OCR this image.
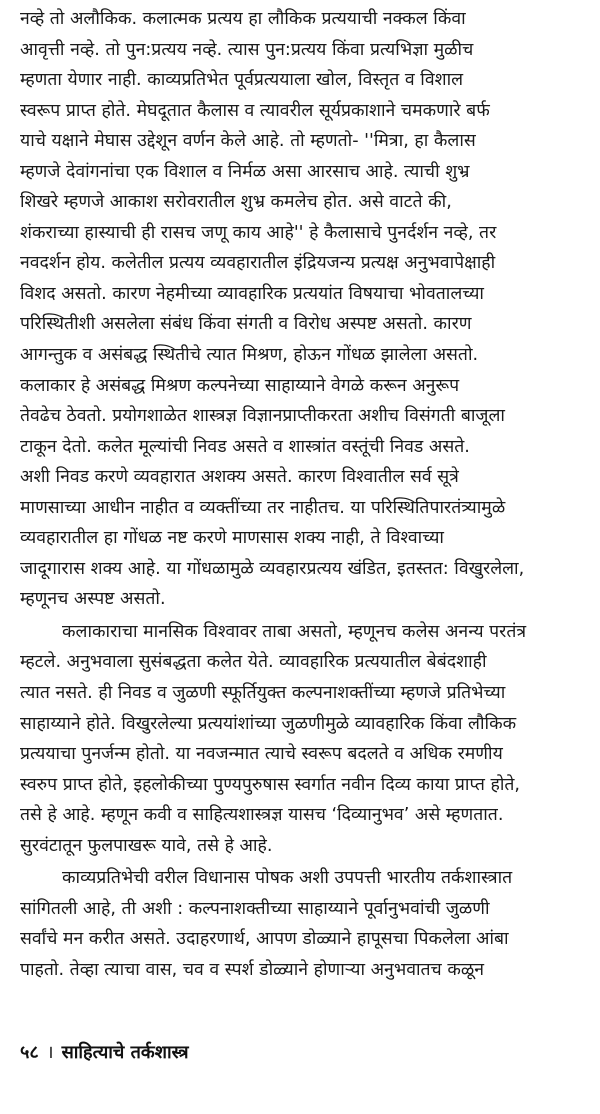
नव्हे तो अलौकिक. कलात्मक प्रत्यय हा लौकिक प्रत्ययाची नक्कल किंवा
आवृत्ती नव्हे. तो पुन:प्रत्यय नव्हे. त्यास पुन:प्रत्यय किंवा प्रत्यभिज्ञा मुळीच
म्हणता येणार नाही. काव्यप्रतिभेत पूर्वप्रत्ययाला खोल, विस्तृत व विशाल
स्वरूप प्राप्त होते. मेघदूतात कैलास व त्यावरील सूर्यप्रकाशाने चमकणारे बर्फ
याचे यक्षाने मेघास उद्देशून वर्णन केले आहे. तो म्हणतो- ''मित्रा, हा कैलास
म्हणजे देवांगनांचा एक विशाल व निर्मळ असा आरसाच आहे. त्याची शुभ्र
शिखरे म्हणजे आकाश सरोवरातील शुभ्र कमलेच होत. असे वाटते की,
शंकराच्या हास्याची ही रासच जणू काय आहे'' हे कैलासाचे पुनर्दर्शन नव्हे, तर
नवदर्शन होय. कलेतील प्रत्यय व्यवहारातील इंद्रियजन्य प्रत्यक्ष अनुभवापेक्षाही
विशद असतो. कारण नेहमीच्या व्यावहारिक प्रत्ययांत विषयाचा भोवतालच्या
परिस्थितीशी असलेला संबंध किंवा संगती व विरोध अस्पष्ट असतो. कारण
आगन्तुक व असंबद्ध स्थितीचे त्यात मिश्रण, होऊन गोंधळ झालेला असतो.
कलाकार हे असंबद्ध मिश्रण कल्पनेच्या साहाय्याने वेगळे करून अनुरूप
तेवढेच ठेवतो. प्रयोगशाळेत शास्त्रज्ञ विज्ञानप्राप्तीकरता अशीच विसंगती बाजूला
टाकून देतो. कलेत मूल्यांची निवड असते व शास्त्रांत वस्तूंची निवड असते.
अशी निवड करणे व्यवहारात अशक्य असते. कारण विश्वातील सर्व सूत्रे
माणसाच्या आधीन नाहीत व व्यक्तींच्या तर नाहीतच. या परिस्थितिपारतंत्र्यामुळे
व्यवहारातील हा गोंधळ नष्ट करणे माणसास शक्य नाही, ते विश्वाच्या
जादूगारास शक्य आहे. या गोंधळामुळे व्यवहारप्रत्यय खंडित, इतस्तत: विखुरलेला,
म्हणूनच अस्पष्ट असतो.
कलाकाराचा मानसिक विश्वावर ताबा असतो, म्हणूनच कलेस अनन्य परतंत्र
म्हटले. अनुभवाला सुसंबद्धता कलेत येते. व्यावहारिक प्रत्ययातील बेबंदशाही
त्यात नसते. ही निवड व जुळणी स्फूर्तियुक्त कल्पनाशक्तींच्या म्हणजे प्रतिभेच्या
साहाय्याने होते. विखुरलेल्या प्रत्ययांशांच्या जुळणीमुळे व्यावहारिक किंवा लौकिक
प्रत्ययाचा पुनर्जन्म होतो. या नवजन्मात त्याचे स्वरूप बदलते व अधिक रमणीय
स्वरुप प्राप्त होते, इहलोकीच्या पुण्यपुरुषास स्वर्गात नवीन दिव्य काया प्राप्त होते,
तसे हे आहे. म्हणून कवी व साहित्यशास्त्रज्ञ यासच ‘दिव्यानुभव’ असे म्हणतात.
सुरवंटातून फुलपाखरू यावे, तसे हे आहे.
काव्यप्रतिभेची वरील विधानास पोषक अशी उपपत्ती भारतीय तर्कशास्त्रात
सांगितली आहे, ती अशी : कल्पनाशक्तीच्या साहाय्याने पूर्वानुभवांची जुळणी
सर्वांचे मन करीत असते. उदाहरणार्थ, आपण डोळ्याने हापूसचा पिकलेला आंबा
पाहतो. तेव्हा त्याचा वास, चव व स्पर्श डोळ्याने होणाऱ्या अनुभवातच कळून
५८ । साहित्याचे तर्कशास्त्र
